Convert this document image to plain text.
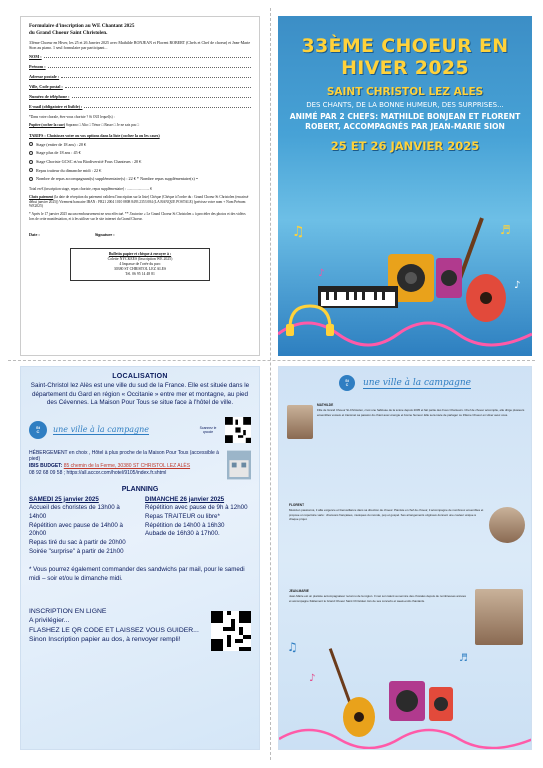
Formulaire d'inscription au WE Chantant 2025
du Grand Choeur Saint Christolen.
33ème Choeur en Hiver, les 25 et 26 Janvier 2025 avec Mathilde BONJEAN et Florent ROBERT (Chefs et Chef de choeur) et Jean-Marie Sion au piano. 1 seul formulaire par participant...
NOM :
Prénom :
Adresse postale :
Ville, Code postal :
Numéro de téléphone :
E-mail (obligatoire et lisible) :
*Dans votre chorale, êtes-vous choriste ? Si OUI lequel(s) :
Pupitre (cocher la case) Soprano □ Alto □ Ténor □ Basse □ Je ne sais pas □
TARIFS : Choisissez votre ou vos options dans la liste (cocher la ou les cases)
Stage (entier de 18 ans) : 20 €
Stage plus de 18 ans : 45 €
Stage Choriste GCSC et/ou Biodiversité Fous Chanteurs : 20 €
Repas traiteur du dimanche midi : 22 €
Nombre de repas accompagnant(s) supplémentaire(s) : 22 € * Nombre repas supplémentaire(s) =
Total en € (inscription stage, repas choriste, repas supplémentaire) : ......................... €
Choix paiement (la date de réception du paiement validera l'inscription sur la liste) Chèque (Chèque à l'ordre du : Grand Choeur St Christolen (encaissé début janvier 2025)) Virement bancaire IBAN : FR21 2004 1010 0808 8493 2353 084 (LA BANQUE POSTALE) (précisez votre nom + Nom Prénom WE2025)
* Après le 17 janvier 2025 aucun remboursement ne sera effectué. ** J'autorise « Le Grand Choeur St Christolen » à procéder des photos et des vidéos lors de cette manifestation, et à les utiliser sur le site internet du Grand Choeur.
Date :	Signature :
Bulletin papier et chèque à envoyer à :
Colette NYCKEES (Inscription WE 2025)
4 Impasse de l'orée du parc
30380 ST CHRISTOL LEZ ALES
Tél. 06 95 14 48 81
33ÈME CHOEUR EN HIVER 2025
SAINT CHRISTOL LEZ ALES
DES CHANTS, DE LA BONNE HUMEUR, DES SURPRISES...
ANIMÉ PAR 2 CHEFS: MATHILDE BONJEAN ET FLORENT ROBERT, ACCOMPAGNÉS PAR JEAN-MARIE SION
25 ET 26 JANVIER 2025
♫
♪
♬
♪
LOCALISATION
Saint-Christol lez Alès est une ville du sud de la France. Elle est située dans le département du Gard en région « Occitanie » entre mer et montagne, au pied des Cévennes. La Maison Pour Tous se situe face à l'hôtel de ville.
St
C	une ville à la campagne	Scannez le qrcode
HÉBERGEMENT en choix , Hôtel à plus proche de la Maison Pour Tous (accessible à pied)
IBIS BUDGET: 85 chemin de la Ferme, 30380 ST CHRISTOL LEZ ALÈS
08 92 68 09 58 ; https://all.accor.com/hotel/9105/index.fr.shtml
PLANNING
SAMEDI 25 janvier 2025
Accueil des choristes de 13h00 à 14h00
Répétition avec pause de 14h00 à 20h00
Repas tiré du sac à partir de 20h00
Soirée "surprise" à partir de 21h00
DIMANCHE 26 janvier 2025
Répétition avec pause de 9h à 12h00
Repas TRAITEUR ou libre*
Répétition de 14h00 à 16h30
Aubade de 16h30 à 17h00.
* Vous pourrez également commander des sandwichs par mail, pour le samedi midi – soir et/ou le dimanche midi.
INSCRIPTION EN LIGNE
A privilégier...
FLASHEZ LE QR CODE ET LAISSEZ VOUS GUIDER...
Sinon Inscription papier au dos, à renvoyer rempli!
St
C	une ville à la campagne
MATHILDE
Fille de Grand Choeur St-Christolen, c'est une habituée de la scène depuis 2005 et fait partie des Fous Chanteurs. Chef de choeur accomplie, elle dirige plusieurs ensembles vocaux et transmet sa passion du chant avec énergie et bonne humeur. Elle sera ravie de partager ce 33ème Choeur en Hiver avec vous.
FLORENT
Musicien passionné, il allie exigence et bienveillance dans sa direction de choeur. Pianiste et chef de choeur, il accompagne de nombreux ensembles et propose un répertoire varié : chansons françaises, musiques du monde, pop et gospel. Ses arrangements originaux donnent une couleur unique à chaque projet.
JEAN-MARIE
Jean-Marie est un pianiste accompagnateur reconnu de la région. Il met son talent au service des chorales depuis de nombreuses années et accompagne fidèlement le Grand Choeur Saint Christolen lors de ses concerts et week-ends chantants.
♫
♪
♬
